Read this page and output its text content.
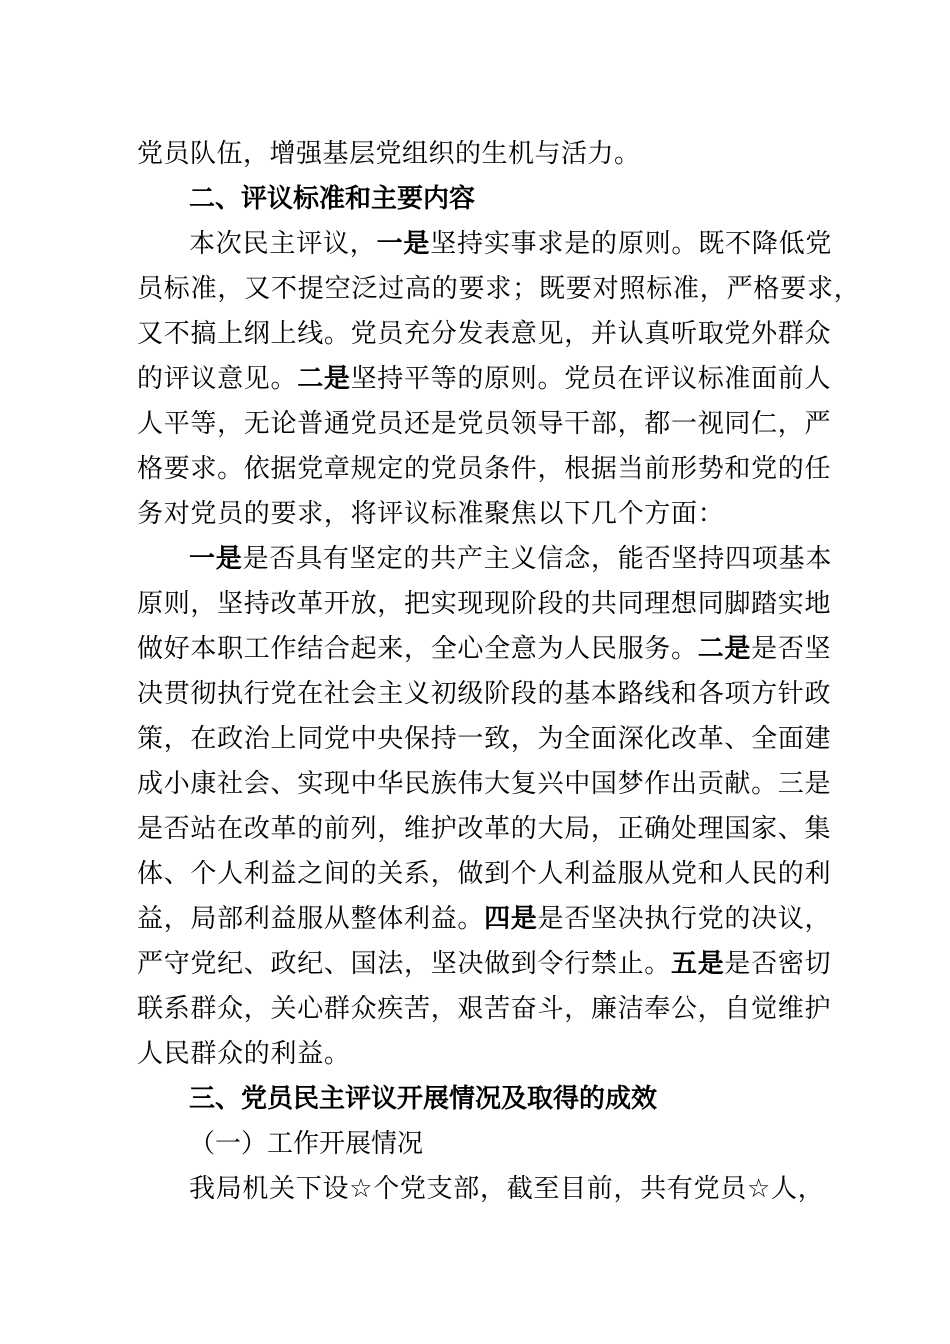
党员队伍，增强基层党组织的生机与活力。
二、评议标准和主要内容
本次民主评议，一是坚持实事求是的原则。既不降低党
员标准，又不提空泛过高的要求；既要对照标准，严格要求，
又不搞上纲上线。党员充分发表意见，并认真听取党外群众
的评议意见。二是坚持平等的原则。党员在评议标准面前人
人平等，无论普通党员还是党员领导干部，都一视同仁，严
格要求。依据党章规定的党员条件，根据当前形势和党的任
务对党员的要求，将评议标准聚焦以下几个方面：
一是是否具有坚定的共产主义信念，能否坚持四项基本
原则，坚持改革开放，把实现现阶段的共同理想同脚踏实地
做好本职工作结合起来，全心全意为人民服务。二是是否坚
决贯彻执行党在社会主义初级阶段的基本路线和各项方针政
策，在政治上同党中央保持一致，为全面深化改革、全面建
成小康社会、实现中华民族伟大复兴中国梦作出贡献。三是
是否站在改革的前列，维护改革的大局，正确处理国家、集
体、个人利益之间的关系，做到个人利益服从党和人民的利
益，局部利益服从整体利益。四是是否坚决执行党的决议，
严守党纪、政纪、国法，坚决做到令行禁止。五是是否密切
联系群众，关心群众疾苦，艰苦奋斗，廉洁奉公，自觉维护
人民群众的利益。
三、党员民主评议开展情况及取得的成效
（一）工作开展情况
我局机关下设☆个党支部，截至目前，共有党员☆人，
